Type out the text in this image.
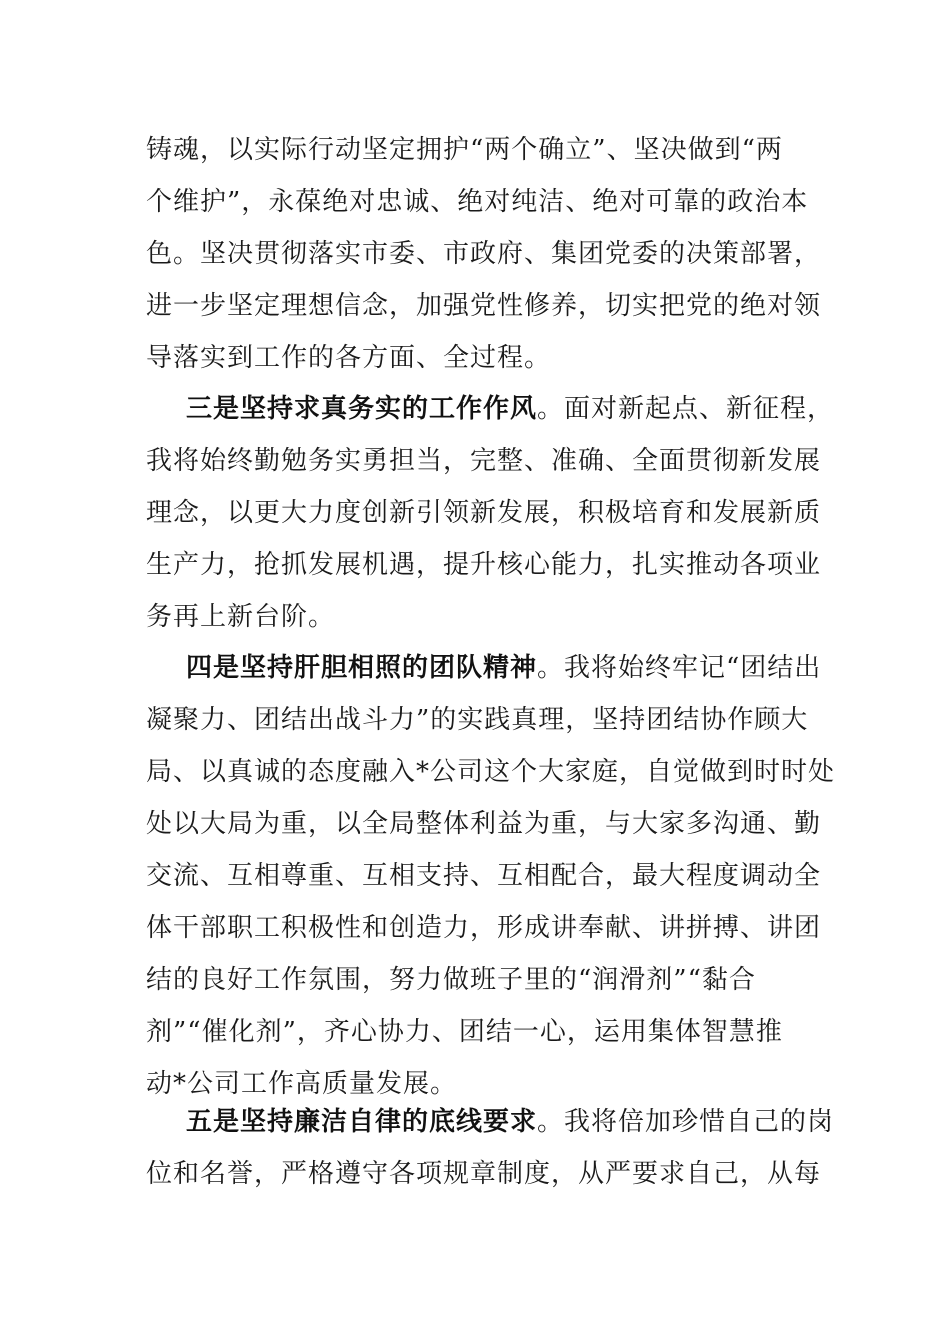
铸魂，以实际行动坚定拥护“两个确立”、坚决做到“两
个维护”，永葆绝对忠诚、绝对纯洁、绝对可靠的政治本
色。坚决贯彻落实市委、市政府、集团党委的决策部署，
进一步坚定理想信念，加强党性修养，切实把党的绝对领
导落实到工作的各方面、全过程。
三是坚持求真务实的工作作风。面对新起点、新征程，
我将始终勤勉务实勇担当，完整、准确、全面贯彻新发展
理念，以更大力度创新引领新发展，积极培育和发展新质
生产力，抢抓发展机遇，提升核心能力，扎实推动各项业
务再上新台阶。
四是坚持肝胆相照的团队精神。我将始终牢记“团结出
凝聚力、团结出战斗力”的实践真理，坚持团结协作顾大
局、以真诚的态度融入*公司这个大家庭，自觉做到时时处
处以大局为重，以全局整体利益为重，与大家多沟通、勤
交流、互相尊重、互相支持、互相配合，最大程度调动全
体干部职工积极性和创造力，形成讲奉献、讲拼搏、讲团
结的良好工作氛围，努力做班子里的“润滑剂”“黏合
剂”“催化剂”，齐心协力、团结一心，运用集体智慧推
动*公司工作高质量发展。
五是坚持廉洁自律的底线要求。我将倍加珍惜自己的岗
位和名誉，严格遵守各项规章制度，从严要求自己，从每
